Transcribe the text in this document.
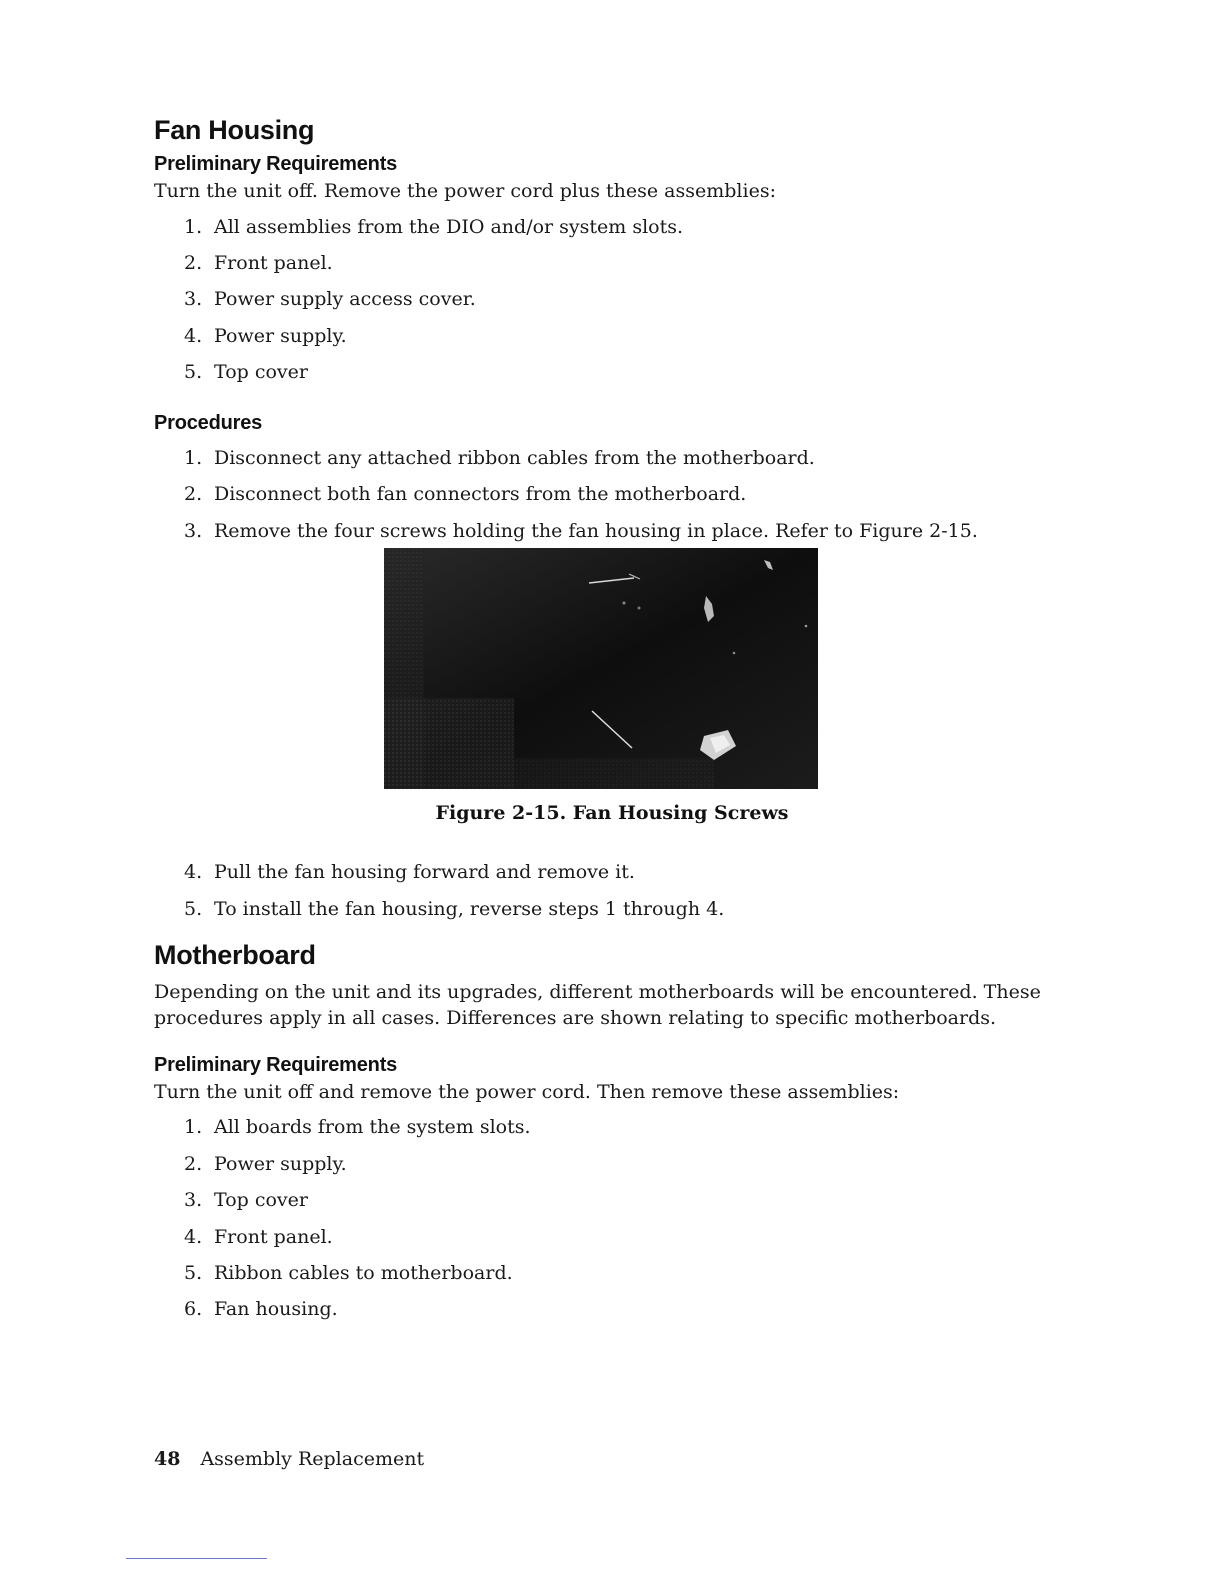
Fan Housing
Preliminary Requirements
Turn the unit off. Remove the power cord plus these assemblies:
1. All assemblies from the DIO and/or system slots.
2. Front panel.
3. Power supply access cover.
4. Power supply.
5. Top cover
Procedures
1. Disconnect any attached ribbon cables from the motherboard.
2. Disconnect both fan connectors from the motherboard.
3. Remove the four screws holding the fan housing in place. Refer to Figure 2-15.
Figure 2-15. Fan Housing Screws
4. Pull the fan housing forward and remove it.
5. To install the fan housing, reverse steps 1 through 4.
Motherboard
Depending on the unit and its upgrades, different motherboards will be encountered. These procedures apply in all cases. Differences are shown relating to specific motherboards.
Preliminary Requirements
Turn the unit off and remove the power cord. Then remove these assemblies:
1. All boards from the system slots.
2. Power supply.
3. Top cover
4. Front panel.
5. Ribbon cables to motherboard.
6. Fan housing.
48 Assembly Replacement
